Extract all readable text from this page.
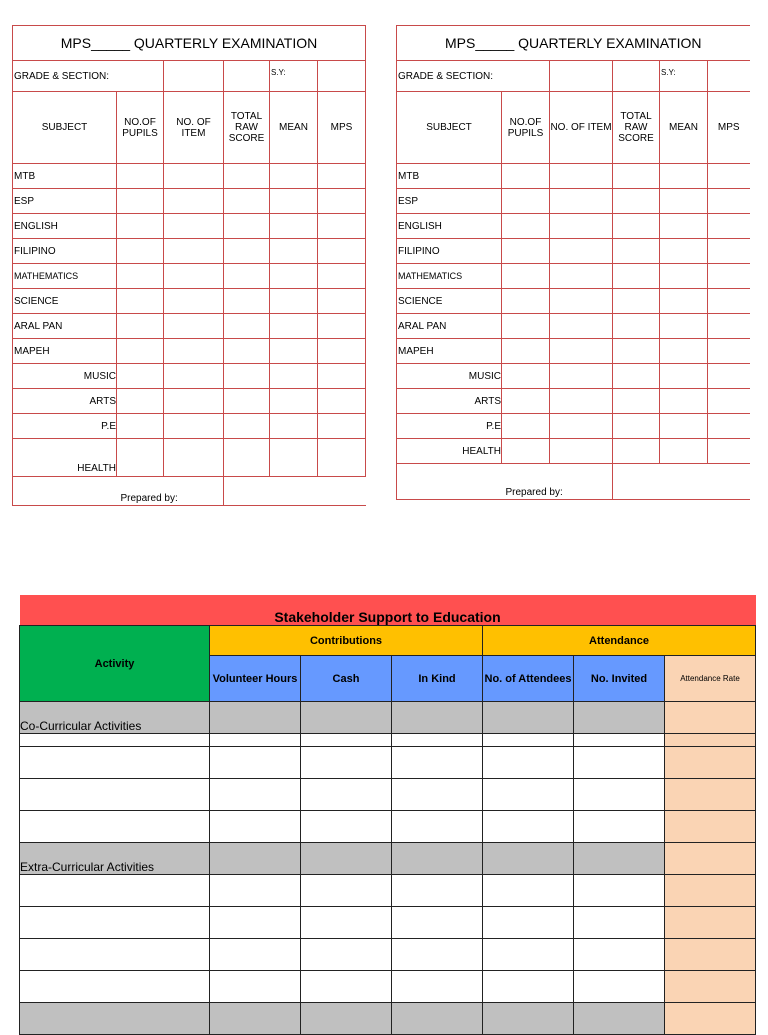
MPS_____ QUARTERLY EXAMINATION					
GRADE & SECTION:				S.Y:	
SUBJECT	NO.OF PUPILS	NO. OF ITEM	TOTAL RAW SCORE	MEAN	MPS
MTB					
ESP					
ENGLISH					
FILIPINO					
MATHEMATICS					
SCIENCE					
ARAL PAN					
MAPEH					
MUSIC					
ARTS					
P.E					
HEALTH					
	Prepared by:				
MPS_____ QUARTERLY EXAMINATION					
GRADE & SECTION:				S.Y:	
SUBJECT	NO.OF PUPILS	NO. OF ITEM	TOTAL RAW SCORE	MEAN	MPS
MTB					
ESP					
ENGLISH					
FILIPINO					
MATHEMATICS					
SCIENCE					
ARAL PAN					
MAPEH					
MUSIC					
ARTS					
P.E					
HEALTH					
	Prepared by:				
Stakeholder Support to Education						
Activity	Contributions			Attendance		
	Volunteer Hours	Cash	In Kind	No. of Attendees	No. Invited	Attendance Rate
Co-Curricular Activities						

Extra-Curricular Activities						
